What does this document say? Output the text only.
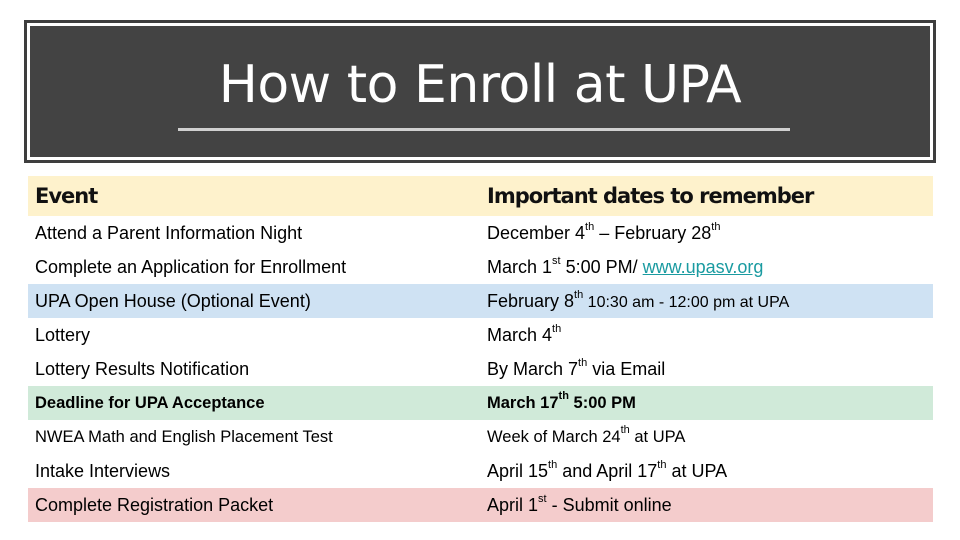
How to Enroll at UPA
Event	Important dates to remember
Attend a Parent Information Night	December 4th – February 28th
Complete an Application for Enrollment	March 1st 5:00 PM/ www.upasv.org
UPA Open House (Optional Event)	February 8th 10:30 am - 12:00 pm at UPA
Lottery	March 4th
Lottery Results Notification	By March 7th via Email
Deadline for UPA Acceptance	March 17th 5:00 PM
NWEA Math and English Placement Test	Week of March 24th at UPA
Intake Interviews	April 15th and April 17th at UPA
Complete Registration Packet	April 1st - Submit online
